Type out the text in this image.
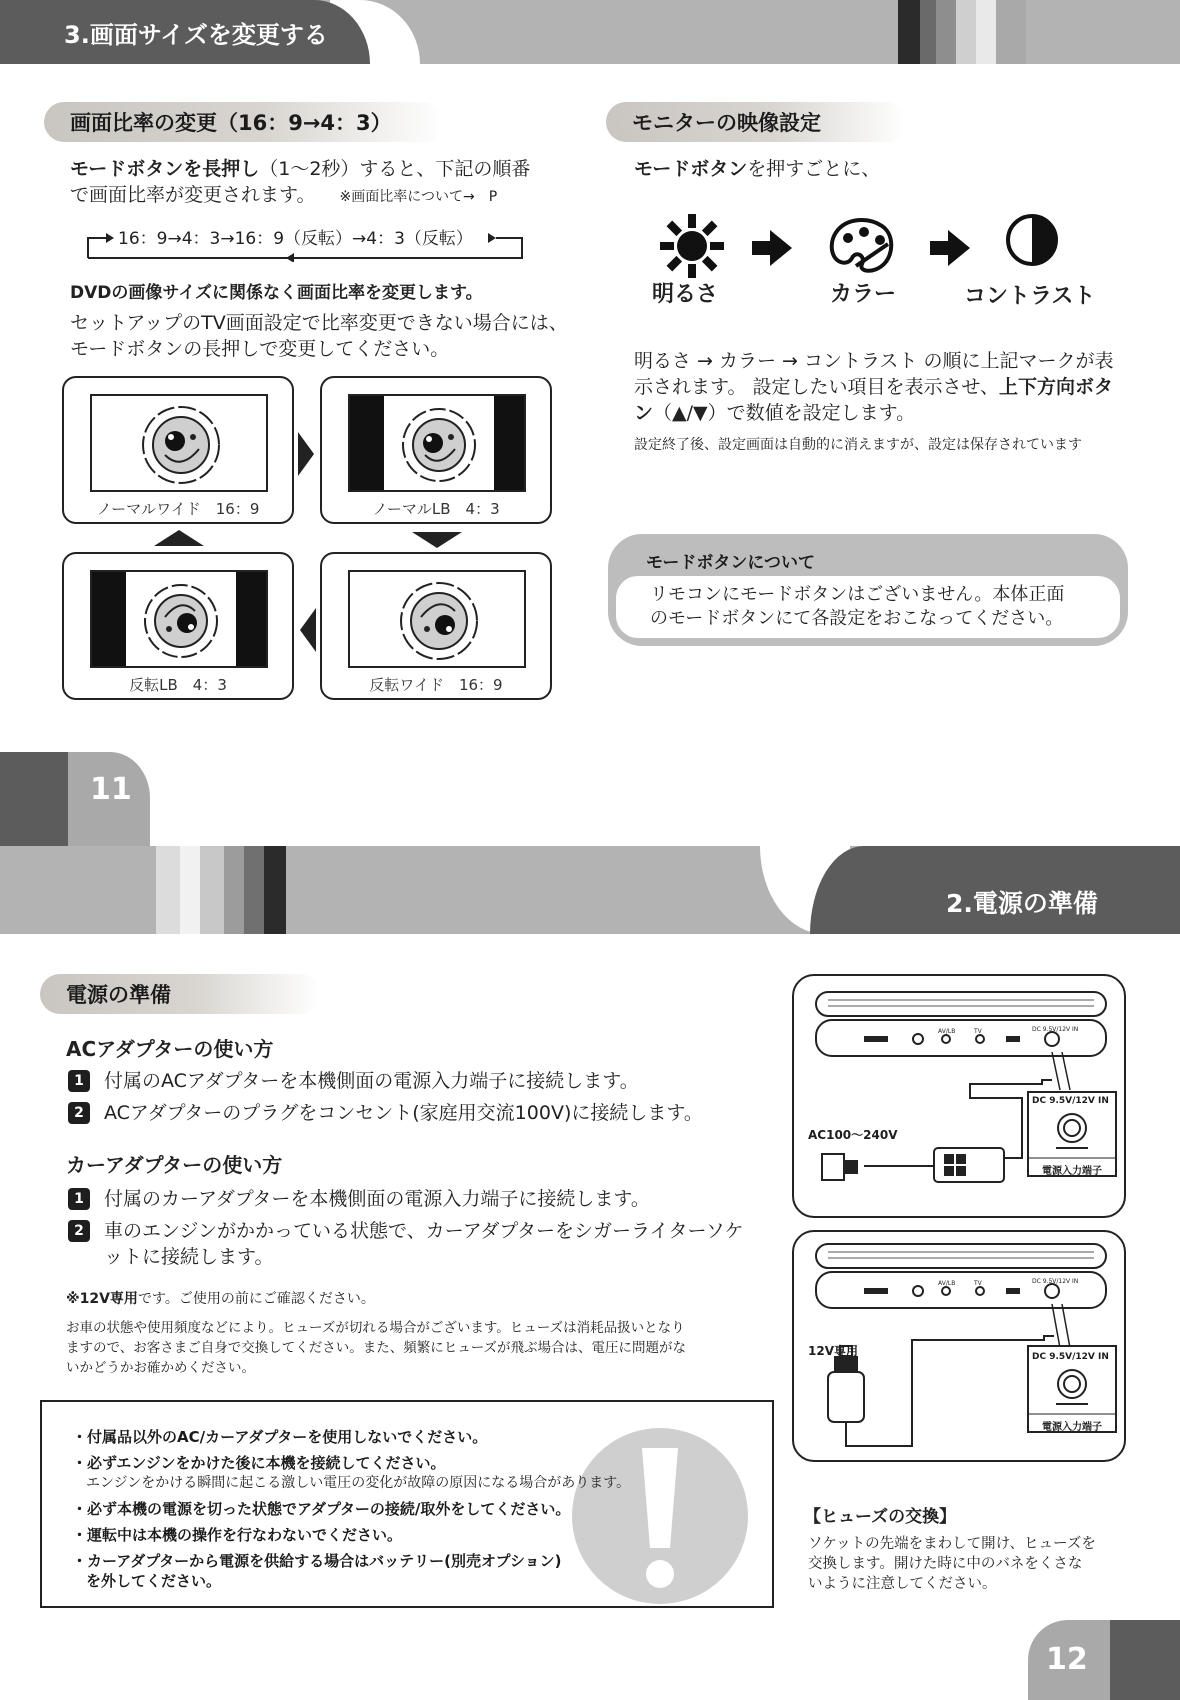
3.画面サイズを変更する
画面比率の変更（16：9→4：3）
モードボタンを長押し（1〜2秒）すると、下記の順番
で画面比率が変更されます。 ※画面比率について→　P
16：9→4：3→16：9（反転）→4：3（反転）
DVDの画像サイズに関係なく画面比率を変更します。
セットアップのTV画面設定で比率変更できない場合には、
モードボタンの長押しで変更してください。
ノーマルワイド　16：9	ノーマルLB　4：3
反転LB　4：3	反転ワイド　16：9
モニターの映像設定
モードボタンを押すごとに、
明るさ	カラー	コントラスト
明るさ → カラー → コントラスト の順に上記マークが表
示されます。 設定したい項目を表示させ、上下方向ボタ
ン（▲/▼）で数値を設定します。
設定終了後、設定画面は自動的に消えますが、設定は保存されています
モードボタンについて
リモコンにモードボタンはございません。本体正面
のモードボタンにて各設定をおこなってください。
11
2.電源の準備
電源の準備
ACアダプターの使い方
1	付属のACアダプターを本機側面の電源入力端子に接続します。
2	ACアダプターのプラグをコンセント(家庭用交流100V)に接続します。
カーアダプターの使い方
1	付属のカーアダプターを本機側面の電源入力端子に接続します。
2	車のエンジンがかかっている状態で、カーアダプターをシガーライターソケ
ットに接続します。
※12V専用です。ご使用の前にご確認ください。
お車の状態や使用頻度などにより。ヒューズが切れる場合がございます。ヒューズは消耗品扱いとなり
ますので、お客さまご自身で交換してください。また、頻繁にヒューズが飛ぶ場合は、電圧に問題がな
いかどうかお確かめください。
・付属品以外のAC/カーアダプターを使用しないでください。
・必ずエンジンをかけた後に本機を接続してください。
エンジンをかける瞬間に起こる激しい電圧の変化が故障の原因になる場合があります。
・必ず本機の電源を切った状態でアダプターの接続/取外をしてください。
・運転中は本機の操作を行なわないでください。
・カーアダプターから電源を供給する場合はバッテリー(別売オプション)
を外してください。
AC100〜240V
DC 9.5V/12V IN
電源入力端子
AV/LB	TV	DC 9.5V/12V IN
12V専用	DC 9.5V/12V IN
電源入力端子
AV/LB	TV	DC 9.5V/12V IN
【ヒューズの交換】
ソケットの先端をまわして開け、ヒューズを
交換します。開けた時に中のバネをくさな
いように注意してください。
12
